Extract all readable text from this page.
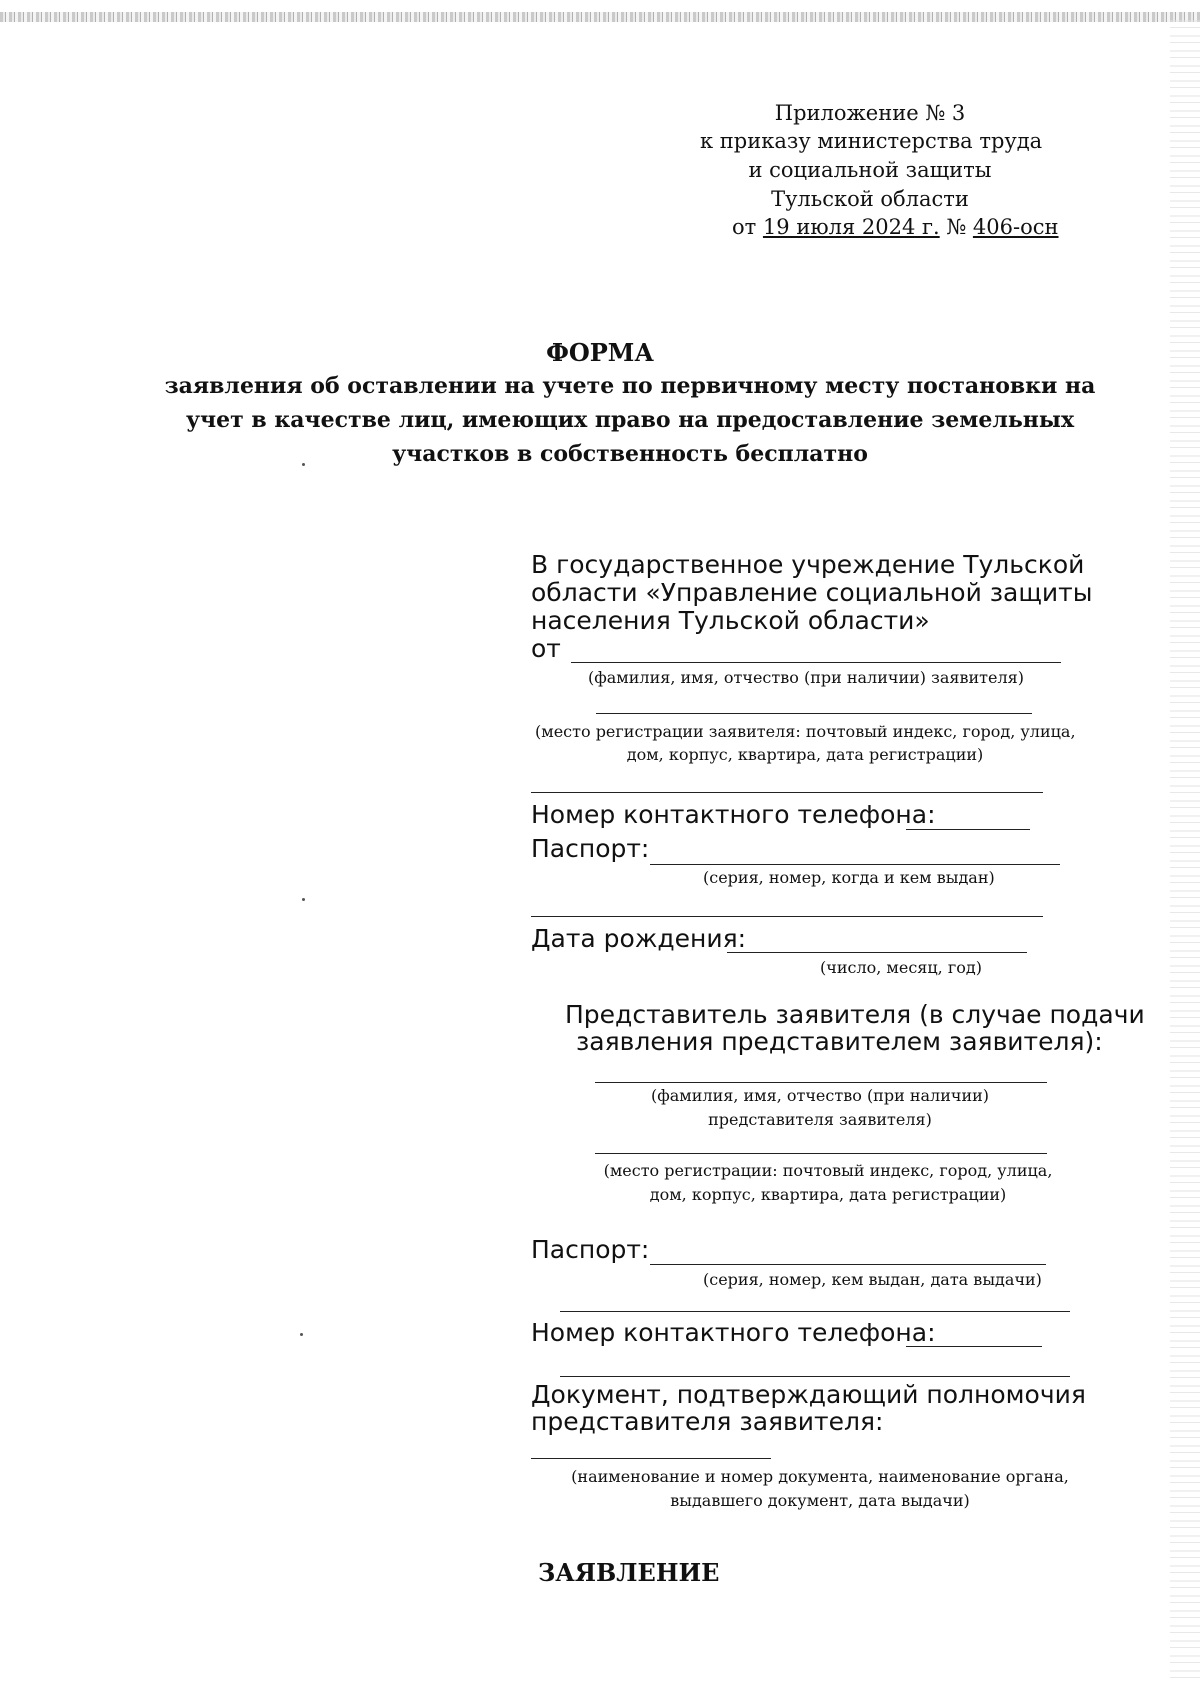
Приложение № 3
к приказу министерства труда
и социальной защиты
Тульской области
от 19 июля 2024 г. № 406-осн
ФОРМА
заявления об оставлении на учете по первичному месту постановки на
учет в качестве лиц, имеющих право на предоставление земельных
участков в собственность бесплатно
В государственное учреждение Тульской
области «Управление социальной защиты
населения Тульской области»
от
(фамилия, имя, отчество (при наличии) заявителя)
(место регистрации заявителя: почтовый индекс, город, улица,
дом, корпус, квартира, дата регистрации)
Номер контактного телефона:
Паспорт:
(серия, номер, когда и кем выдан)
Дата рождения:
(число, месяц, год)
Представитель заявителя (в случае подачи
заявления представителем заявителя):
(фамилия, имя, отчество (при наличии)
представителя заявителя)
(место регистрации: почтовый индекс, город, улица,
дом, корпус, квартира, дата регистрации)
Паспорт:
(серия, номер, кем выдан, дата выдачи)
Номер контактного телефона:
Документ, подтверждающий полномочия
представителя заявителя:
(наименование и номер документа, наименование органа,
выдавшего документ, дата выдачи)
ЗАЯВЛЕНИЕ
